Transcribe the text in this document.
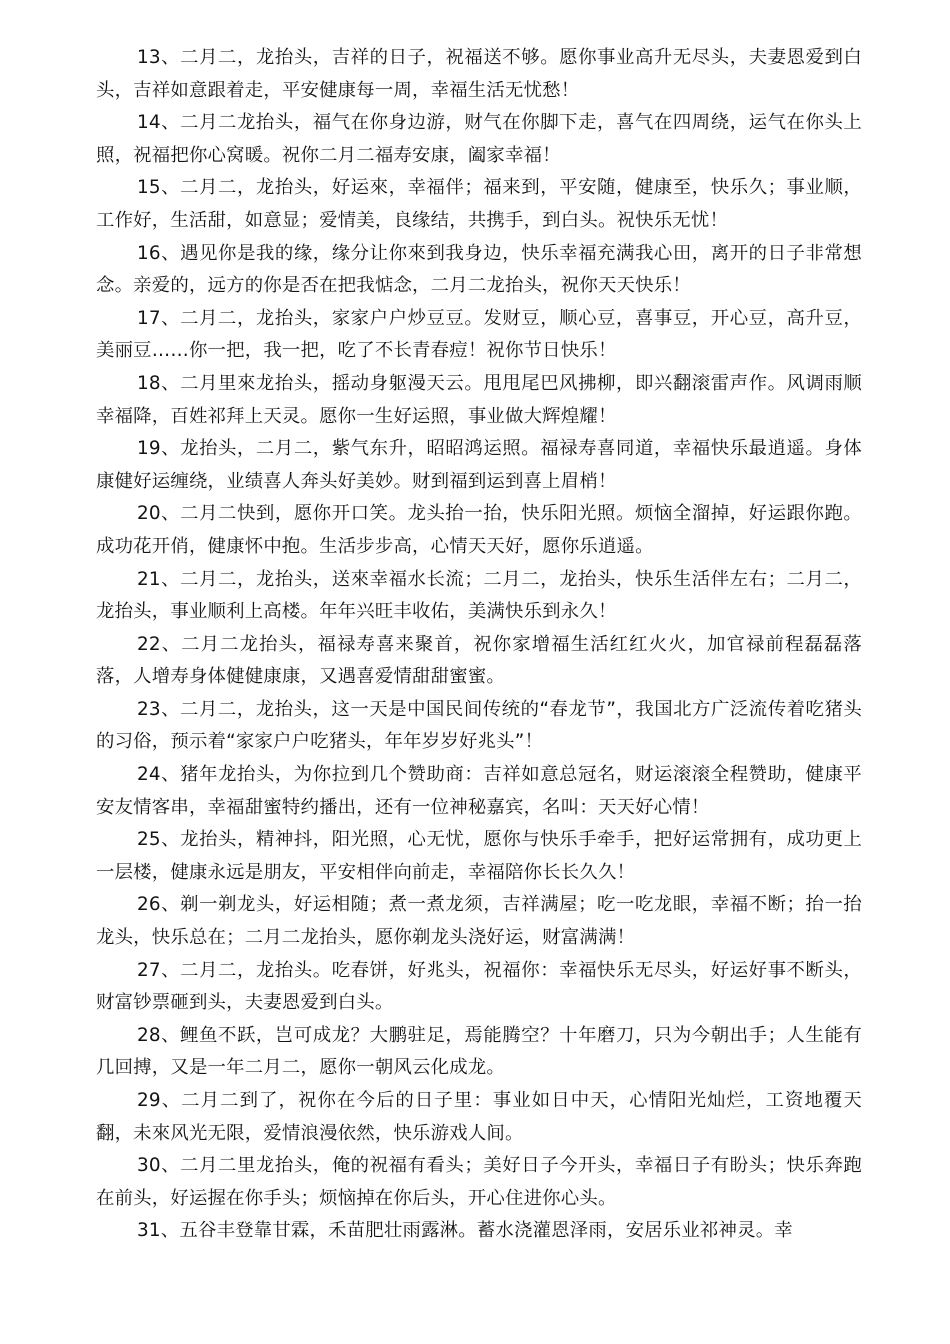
13、二月二，龙抬头，吉祥的日子，祝福送不够。愿你事业高升无尽头，夫妻恩爱到白头，吉祥如意跟着走，平安健康每一周，幸福生活无忧愁！

14、二月二龙抬头，福气在你身边游，财气在你脚下走，喜气在四周绕，运气在你头上照，祝福把你心窝暖。祝你二月二福寿安康，阖家幸福！

15、二月二，龙抬头，好运來，幸福伴；福来到，平安随，健康至，快乐久；事业顺，工作好，生活甜，如意显；爱情美，良缘结，共携手，到白头。祝快乐无忧！

16、遇见你是我的缘，缘分让你來到我身边，快乐幸福充满我心田，离开的日子非常想念。亲爱的，远方的你是否在把我惦念，二月二龙抬头，祝你天天快乐！

17、二月二，龙抬头，家家户户炒豆豆。发财豆，顺心豆，喜事豆，开心豆，高升豆，美丽豆……你一把，我一把，吃了不长青春痘！祝你节日快乐！

18、二月里來龙抬头，摇动身躯漫天云。甩甩尾巴风拂柳，即兴翻滚雷声作。风调雨顺幸福降，百姓祁拜上天灵。愿你一生好运照，事业做大辉煌耀！

19、龙抬头，二月二，紫气东升，昭昭鸿运照。福禄寿喜同道，幸福快乐最逍遥。身体康健好运缠绕，业绩喜人奔头好美妙。财到福到运到喜上眉梢！

20、二月二快到，愿你开口笑。龙头抬一抬，快乐阳光照。烦恼全溜掉，好运跟你跑。成功花开俏，健康怀中抱。生活步步高，心情天天好，愿你乐逍遥。

21、二月二，龙抬头，送來幸福水长流；二月二，龙抬头，快乐生活伴左右；二月二，龙抬头，事业顺利上高楼。年年兴旺丰收佑，美满快乐到永久！

22、二月二龙抬头，福禄寿喜来聚首，祝你家增福生活红红火火，加官禄前程磊磊落落，人增寿身体健健康康，又遇喜爱情甜甜蜜蜜。

23、二月二，龙抬头，这一天是中国民间传统的“春龙节”，我国北方广泛流传着吃猪头的习俗，预示着“家家户户吃猪头，年年岁岁好兆头”！

24、猪年龙抬头，为你拉到几个赞助商：吉祥如意总冠名，财运滚滚全程赞助，健康平安友情客串，幸福甜蜜特约播出，还有一位神秘嘉宾，名叫：天天好心情！

25、龙抬头，精神抖，阳光照，心无忧，愿你与快乐手牵手，把好运常拥有，成功更上一层楼，健康永远是朋友，平安相伴向前走，幸福陪你长长久久！

26、剃一剃龙头，好运相随；煮一煮龙须，吉祥满屋；吃一吃龙眼，幸福不断；抬一抬龙头，快乐总在；二月二龙抬头，愿你剃龙头浇好运，财富满满！

27、二月二，龙抬头。吃春饼，好兆头，祝福你：幸福快乐无尽头，好运好事不断头，财富钞票砸到头，夫妻恩爱到白头。

28、鲤鱼不跃，岂可成龙？大鹏驻足，焉能腾空？十年磨刀，只为今朝出手；人生能有几回搏，又是一年二月二，愿你一朝风云化成龙。

29、二月二到了，祝你在今后的日子里：事业如日中天，心情阳光灿烂，工资地覆天翻，未來风光无限，爱情浪漫依然，快乐游戏人间。

30、二月二里龙抬头，俺的祝福有看头；美好日子今开头，幸福日子有盼头；快乐奔跑在前头，好运握在你手头；烦恼掉在你后头，开心住进你心头。

31、五谷丰登靠甘霖，禾苗肥壮雨露淋。蓄水浇灌恩泽雨，安居乐业祁神灵。幸
